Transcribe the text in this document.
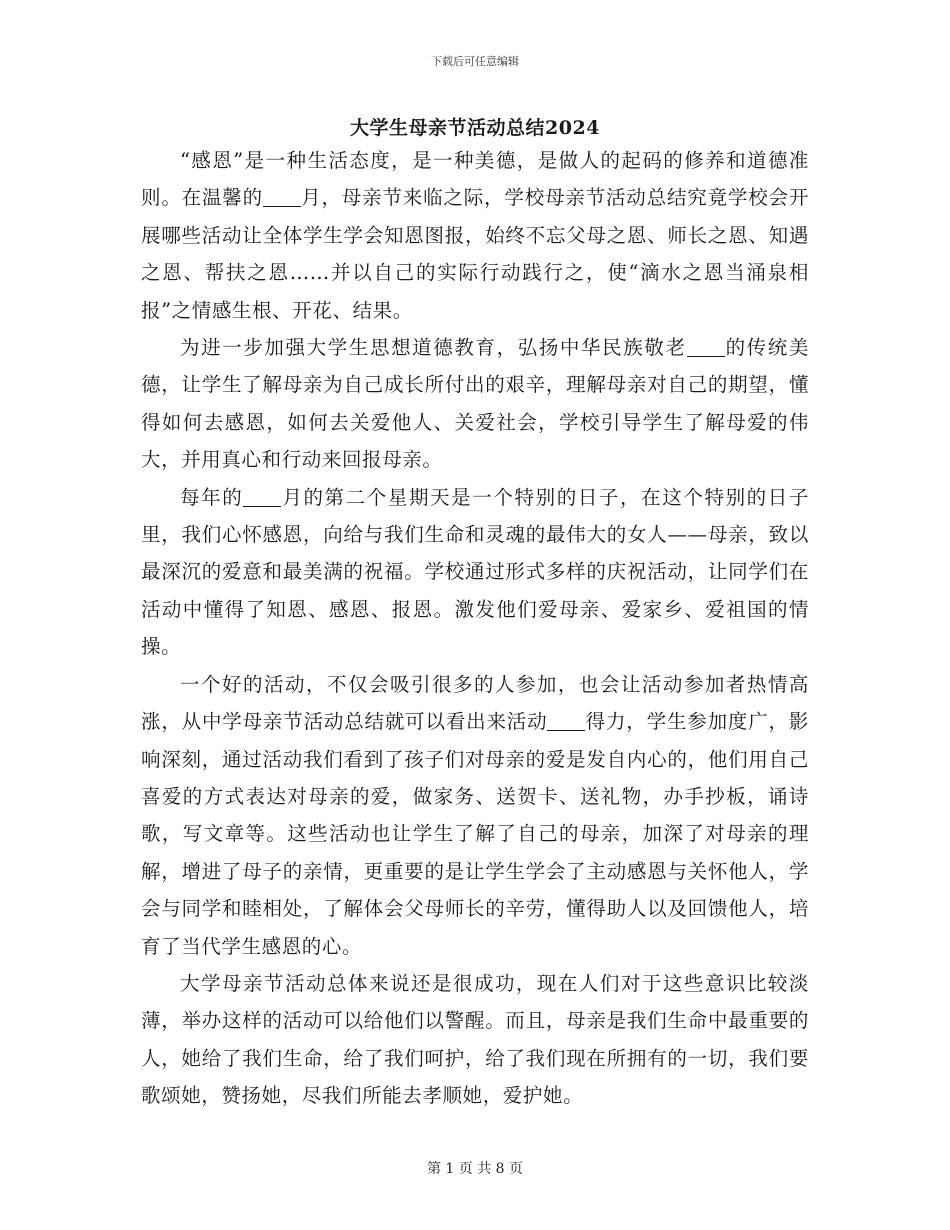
下载后可任意编辑
大学生母亲节活动总结2024

“感恩”是一种生活态度，是一种美德，是做人的起码的修养和道德准则。在温馨的 月，母亲节来临之际，学校母亲节活动总结究竟学校会开展哪些活动让全体学生学会知恩图报，始终不忘父母之恩、师长之恩、知遇之恩、帮扶之恩……并以自己的实际行动践行之，使“滴水之恩当涌泉相报”之情感生根、开花、结果。

为进一步加强大学生思想道德教育，弘扬中华民族敬老 的传统美德，让学生了解母亲为自己成长所付出的艰辛，理解母亲对自己的期望，懂得如何去感恩，如何去关爱他人、关爱社会，学校引导学生了解母爱的伟大，并用真心和行动来回报母亲。

每年的 月的第二个星期天是一个特别的日子，在这个特别的日子里，我们心怀感恩，向给与我们生命和灵魂的最伟大的女人——母亲，致以最深沉的爱意和最美满的祝福。学校通过形式多样的庆祝活动，让同学们在活动中懂得了知恩、感恩、报恩。激发他们爱母亲、爱家乡、爱祖国的情操。

一个好的活动，不仅会吸引很多的人参加，也会让活动参加者热情高涨，从中学母亲节活动总结就可以看出来活动 得力，学生参加度广，影响深刻，通过活动我们看到了孩子们对母亲的爱是发自内心的，他们用自己喜爱的方式表达对母亲的爱，做家务、送贺卡、送礼物，办手抄板，诵诗歌，写文章等。这些活动也让学生了解了自己的母亲，加深了对母亲的理解，增进了母子的亲情，更重要的是让学生学会了主动感恩与关怀他人，学会与同学和睦相处，了解体会父母师长的辛劳，懂得助人以及回馈他人，培育了当代学生感恩的心。

大学母亲节活动总体来说还是很成功，现在人们对于这些意识比较淡薄，举办这样的活动可以给他们以警醒。而且，母亲是我们生命中最重要的人，她给了我们生命，给了我们呵护，给了我们现在所拥有的一切，我们要歌颂她，赞扬她，尽我们所能去孝顺她，爱护她。

第 1 页 共 8 页
